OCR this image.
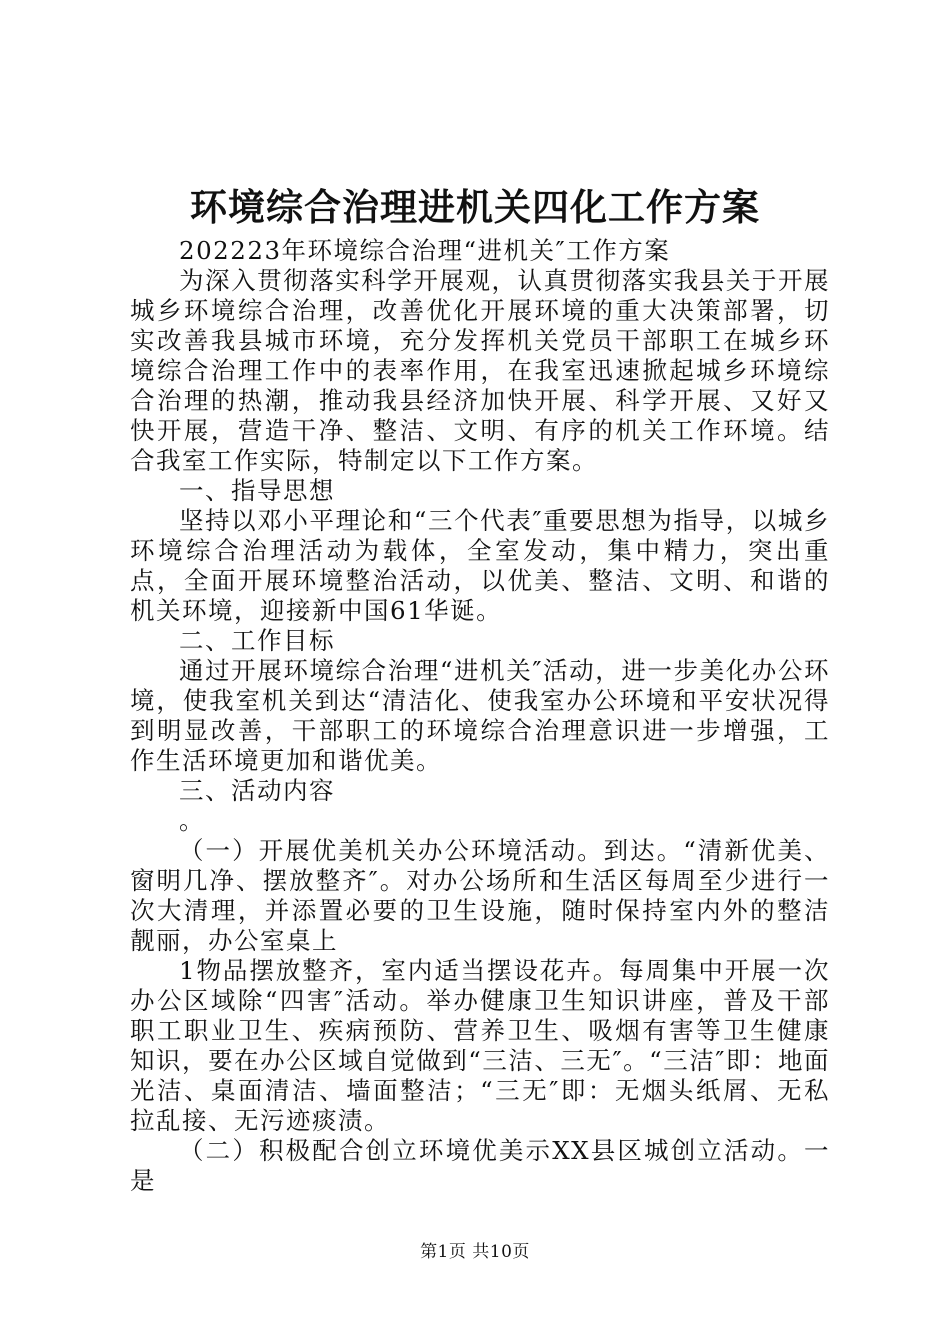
环境综合治理进机关四化工作方案

202223年环境综合治理“进机关″工作方案

为深入贯彻落实科学开展观，认真贯彻落实我县关于开展城乡环境综合治理，改善优化开展环境的重大决策部署，切实改善我县城市环境，充分发挥机关党员干部职工在城乡环境综合治理工作中的表率作用，在我室迅速掀起城乡环境综合治理的热潮，推动我县经济加快开展、科学开展、又好又快开展，营造干净、整洁、文明、有序的机关工作环境。结合我室工作实际，特制定以下工作方案。

一、指导思想

坚持以邓小平理论和“三个代表″重要思想为指导，以城乡环境综合治理活动为载体，全室发动，集中精力，突出重点，全面开展环境整治活动，以优美、整洁、文明、和谐的机关环境，迎接新中国61华诞。

二、工作目标

通过开展环境综合治理“进机关″活动，进一步美化办公环境，使我室机关到达“清洁化、使我室办公环境和平安状况得到明显改善，干部职工的环境综合治理意识进一步增强，工作生活环境更加和谐优美。

三、活动内容

。

（一）开展优美机关办公环境活动。到达。“清新优美、窗明几净、摆放整齐″。对办公场所和生活区每周至少进行一次大清理，并添置必要的卫生设施，随时保持室内外的整洁靓丽，办公室桌上

1物品摆放整齐，室内适当摆设花卉。每周集中开展一次办公区域除“四害″活动。举办健康卫生知识讲座，普及干部职工职业卫生、疾病预防、营养卫生、吸烟有害等卫生健康知识，要在办公区域自觉做到“三洁、三无″。“三洁″即：地面光洁、桌面清洁、墙面整洁；“三无″即：无烟头纸屑、无私拉乱接、无污迹痰渍。

（二）积极配合创立环境优美示XX县区城创立活动。一是

第1页 共10页
